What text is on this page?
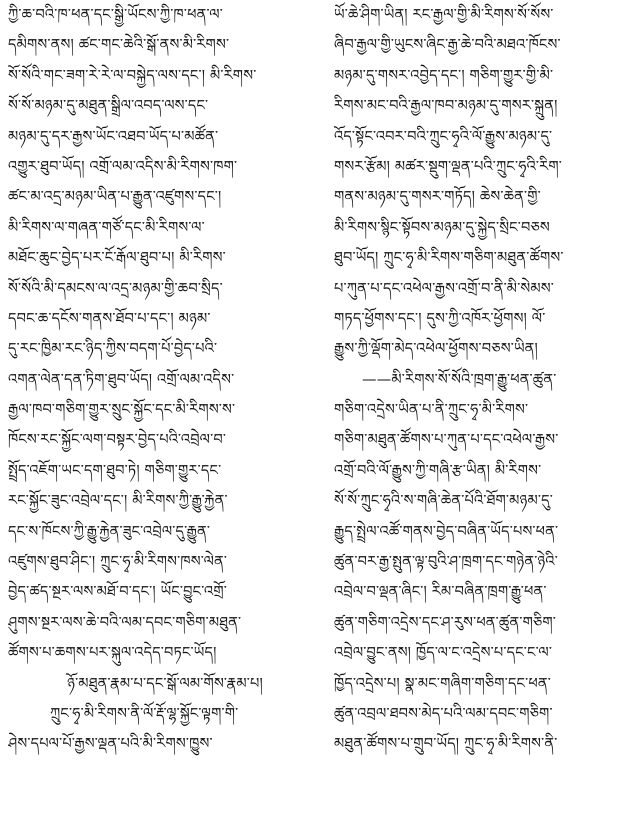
ཀྱི་ཆ་བའི་ཁ་ཕན་དང་སྒྱི་ཡོངས་ཀྱི་ཁ་ཕན་ལ་
དམིགས་ནས། ཚང་གང་ཆེའི་སྒོ་ནས་མི་རིགས་
སོ་སོའི་གང་ཟག་རེ་རེ་ལ་བསྐྱེད་ལས་དང་། མི་རིགས་
སོ་སོ་མཉམ་དུ་མཐུན་སྒྲིལ་འབད་ལས་དང་
མཉམ་དུ་དར་རྒྱས་ཡོང་འཐབ་ཡོད་པ་མཚོན་
འགྱུར་ཐུབ་ཡོད། འགྲོ་ལམ་འདིས་མི་རིགས་ཁག་
ཚང་མ་འདྲ་མཉམ་ཡིན་པ་རྒྱུན་འཛུགས་དང་།
མི་རིགས་ལ་གཞན་གཙོ་དང་མི་རིགས་ལ་
མཐོང་ཆུང་བྱེད་པར་ངོ་རྒོལ་ཐུབ་པ། མི་རིགས་
སོ་སོའི་མི་དམངས་ལ་འདྲ་མཉམ་གྱི་ཆབ་སྲིད་
དབང་ཆ་དངོས་གནས་ཐོབ་པ་དང་། མཉམ་
དུ་རང་ཁྱིམ་རང་ཉིད་ཀྱིས་བདག་པོ་བྱེད་པའི་
འགན་ལེན་དན་ཏིག་ཐུབ་ཡོད། འགྲོ་ལམ་འདིས་
རྒྱལ་ཁབ་གཅིག་གྱུར་སྲུང་སྐྱོང་དང་མི་རིགས་ས་
ཁོངས་རང་སྐྱོང་ལག་བསྟར་བྱེད་པའི་འབྲེལ་བ་
སྤྲོད་འཇོག་ཡང་དག་ཐུབ་ཏེ། གཅིག་གྱུར་དང་
རང་སྐྱོང་ཟུང་འབྲེལ་དང་། མི་རིགས་ཀྱི་རྒྱུ་རྐྱེན་
དང་ས་ཁོངས་ཀྱི་རྒྱུ་རྐྱེན་ཟུང་འབྲེལ་དུ་རྒྱུན་
འཛུགས་ཐུབ་ཤིང་། ཀྲུང་ཧྭ་མི་རིགས་ཁས་ལེན་
བྱེད་ཚད་སྔར་ལས་མཐོ་བ་དང་། ཡོང་བྱུང་འགྲོ་
ཤུགས་སྔར་ལས་ཆེ་བའི་ལམ་དབང་གཅིག་མཐུན་
ཚོགས་པ་ཆགས་པར་སྐུལ་འདེད་བཏང་ཡོད།
ཉོ་མཐུན་རྣམ་པ་དང་སྒོ་ལམ་གོས་རྣམ་པ།
ཀྲུང་ཧྭ་མི་རིགས་ནི་ལོ་རྡོ་ལྷ་སྐྱོང་ལྟག་གི་
ཤེས་དཔལ་པོ་རྒྱས་ལྡན་པའི་མི་རིགས་ཁྱུས་
ཡོ་ཆེ་ཤིག་ཡིན། རང་རྒྱལ་གྱི་མི་རིགས་སོ་སོས་
ཞིབ་རྒྱལ་གྱི་ཡུངས་ཞིང་རྒྱ་ཆེ་བའི་མཐའ་ཁོངས་
མཉམ་དུ་གསར་འབྱེད་དང་། གཅིག་གྱུར་གྱི་མི་
རིགས་མང་བའི་རྒྱལ་ཁབ་མཉམ་དུ་གསར་སྐྲུན།
འོད་སྟོང་འབར་བའི་ཀྲུང་ཧྭའི་ལོ་རྒྱུས་མཉམ་དུ་
གསར་རྩོམ། མཚར་སྡུག་ལྡན་པའི་ཀྲུང་ཧྭའི་རིག་
གནས་མཉམ་དུ་གསར་གཏོད། ཆེས་ཆེན་གྱི་
མི་རིགས་སྙིང་སྟོབས་མཉམ་དུ་སྐྱེད་སྲིང་བཅས
ཐུབ་ཡོད། ཀྲུང་ཧྭ་མི་རིགས་གཅིག་མཐུན་ཚོགས་
པ་ཀུན་པ་དང་འཕེལ་རྒྱས་འགྲོ་བ་ནི་མི་སེམས་
གཏད་ཕྱོགས་དང་། དུས་ཀྱི་འཁོར་ཕྱོགས། ལོ་
རྒྱུས་ཀྱི་ལྡོག་མེད་འཕེལ་ཕྱོགས་བཅས་ཡིན།
——མི་རིགས་སོ་སོའི་ཁྲག་རྒྱུ་ཕན་ཚུན་
གཅིག་འདྲེས་ཡིན་པ་ནི་ཀྲུང་ཧྭ་མི་རིགས་
གཅིག་མཐུན་ཚོགས་པ་ཀུན་པ་དང་འཕེལ་རྒྱས་
འགྲོ་བའི་ལོ་རྒྱུས་ཀྱི་གཞི་རྩ་ཡིན། མི་རིགས་
སོ་སོ་ཀྲུང་ཧྭའི་ས་གཞི་ཆེན་པོའི་ཐོག་མཉམ་དུ་
རྒྱུད་སྤྲེལ་འཚོ་གནས་བྱེད་བཞིན་ཡོད་པས་ཕན་
ཚུན་བར་རྒྱ་སྤུན་ལྟ་བུའི་ཤ་ཁྲག་དང་གཉེན་ཉེའི་
འབྲེལ་བ་ལྡན་ཞིང་། རིམ་བཞིན་ཁྲག་རྒྱུ་ཕན་
ཚུན་གཅིག་འདྲེས་དང་ཤ་རུས་ཕན་ཚུན་གཅིག་
འབྲེལ་བྱུང་ནས། ཁྱོད་ལ་ང་འདྲེས་པ་དང་ང་ལ་
ཁྱོད་འདྲེས་པ། སྣ་མང་གཞིག་གཅིག་དང་ཕན་
ཚུན་འབྲལ་ཐབས་མེད་པའི་ལམ་དབང་གཅིག་
མཐུན་ཚོགས་པ་གྲུབ་ཡོད། ཀྲུང་ཧྭ་མི་རིགས་ནི་
